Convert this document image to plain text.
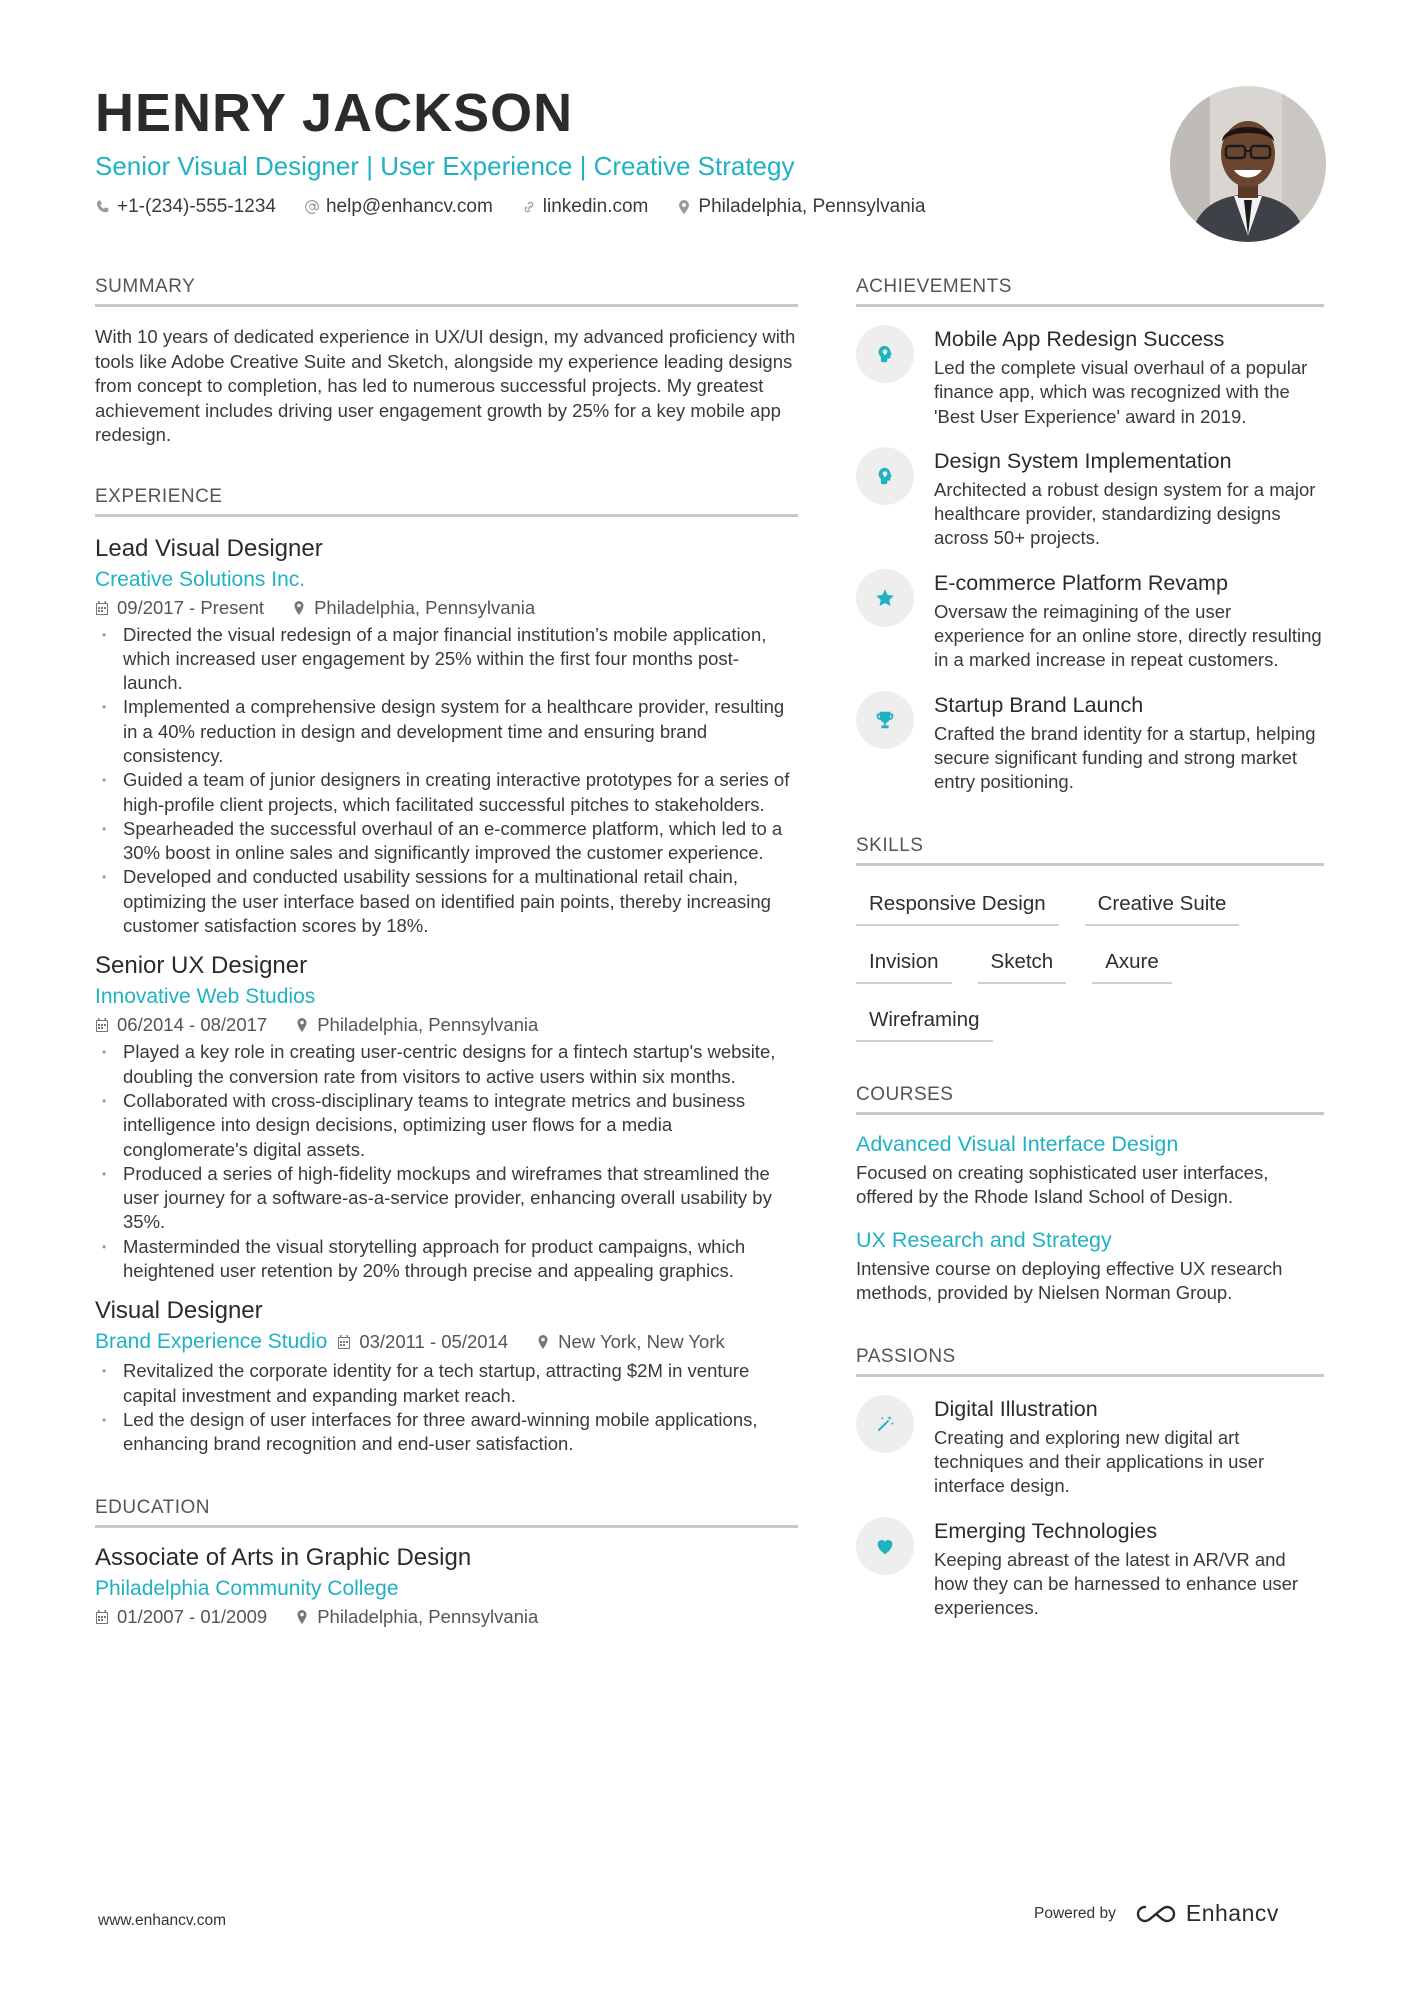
HENRY JACKSON
Senior Visual Designer | User Experience | Creative Strategy
+1-(234)-555-1234	help@enhancv.com	linkedin.com	Philadelphia, Pennsylvania
SUMMARY

With 10 years of dedicated experience in UX/UI design, my advanced proficiency with tools like Adobe Creative Suite and Sketch, alongside my experience leading designs from concept to completion, has led to numerous successful projects. My greatest achievement includes driving user engagement growth by 25% for a key mobile app redesign.

EXPERIENCE
Lead Visual Designer
Creative Solutions Inc.
09/2017 - Present	Philadelphia, Pennsylvania
• Directed the visual redesign of a major financial institution’s mobile application, which increased user engagement by 25% within the first four months post-launch.
• Implemented a comprehensive design system for a healthcare provider, resulting in a 40% reduction in design and development time and ensuring brand consistency.
• Guided a team of junior designers in creating interactive prototypes for a series of high-profile client projects, which facilitated successful pitches to stakeholders.
• Spearheaded the successful overhaul of an e-commerce platform, which led to a 30% boost in online sales and significantly improved the customer experience.
• Developed and conducted usability sessions for a multinational retail chain, optimizing the user interface based on identified pain points, thereby increasing customer satisfaction scores by 18%.
Senior UX Designer
Innovative Web Studios
06/2014 - 08/2017	Philadelphia, Pennsylvania
• Played a key role in creating user-centric designs for a fintech startup's website, doubling the conversion rate from visitors to active users within six months.
• Collaborated with cross-disciplinary teams to integrate metrics and business intelligence into design decisions, optimizing user flows for a media conglomerate's digital assets.
• Produced a series of high-fidelity mockups and wireframes that streamlined the user journey for a software-as-a-service provider, enhancing overall usability by 35%.
• Masterminded the visual storytelling approach for product campaigns, which heightened user retention by 20% through precise and appealing graphics.
Visual Designer
Brand Experience Studio 03/2011 - 05/2014	New York, New York
• Revitalized the corporate identity for a tech startup, attracting $2M in venture capital investment and expanding market reach.
• Led the design of user interfaces for three award-winning mobile applications, enhancing brand recognition and end-user satisfaction.
EDUCATION
Associate of Arts in Graphic Design
Philadelphia Community College
01/2007 - 01/2009	Philadelphia, Pennsylvania
ACHIEVEMENTS
Mobile App Redesign Success
Led the complete visual overhaul of a popular finance app, which was recognized with the 'Best User Experience' award in 2019.
Design System Implementation
Architected a robust design system for a major healthcare provider, standardizing designs across 50+ projects.
E-commerce Platform Revamp
Oversaw the reimagining of the user experience for an online store, directly resulting in a marked increase in repeat customers.
Startup Brand Launch
Crafted the brand identity for a startup, helping secure significant funding and strong market entry positioning.
SKILLS
Responsive Design	Creative Suite
Invision	Sketch	Axure
Wireframing
COURSES
Advanced Visual Interface Design
Focused on creating sophisticated user interfaces, offered by the Rhode Island School of Design.
UX Research and Strategy
Intensive course on deploying effective UX research methods, provided by Nielsen Norman Group.
PASSIONS
Digital Illustration
Creating and exploring new digital art techniques and their applications in user interface design.
Emerging Technologies
Keeping abreast of the latest in AR/VR and how they can be harnessed to enhance user experiences.
www.enhancv.com	Powered by	Enhancv
